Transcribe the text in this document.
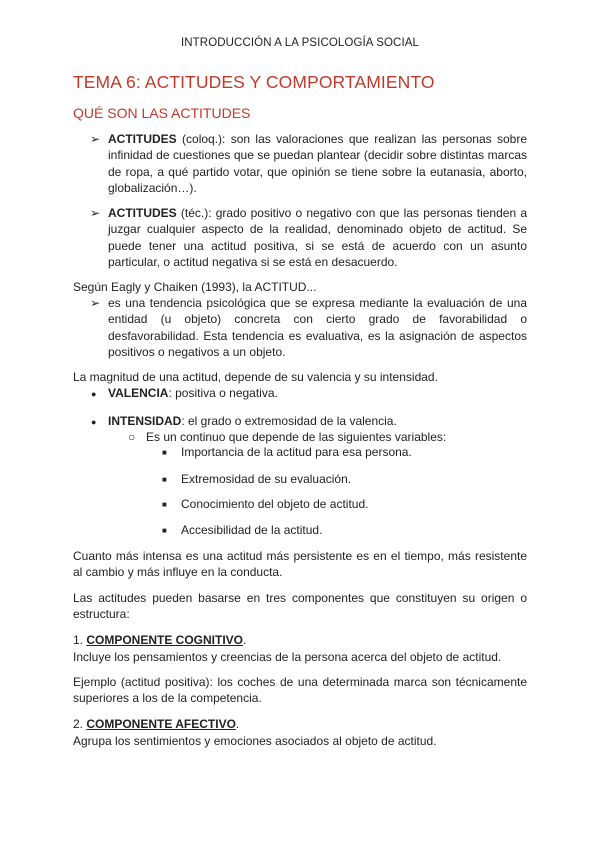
INTRODUCCIÓN A LA PSICOLOGÍA SOCIAL
TEMA 6: ACTITUDES Y COMPORTAMIENTO
QUÉ SON LAS ACTITUDES
➢ ACTITUDES (coloq.): son las valoraciones que realizan las personas sobre infinidad de cuestiones que se puedan plantear (decidir sobre distintas marcas de ropa, a qué partido votar, que opinión se tiene sobre la eutanasia, aborto, globalización…).
➢ ACTITUDES (téc.): grado positivo o negativo con que las personas tienden a juzgar cualquier aspecto de la realidad, denominado objeto de actitud. Se puede tener una actitud positiva, si se está de acuerdo con un asunto particular, o actitud negativa si se está en desacuerdo.
Según Eagly y Chaiken (1993), la ACTITUD...
➢ es una tendencia psicológica que se expresa mediante la evaluación de una entidad (u objeto) concreta con cierto grado de favorabilidad o desfavorabilidad. Esta tendencia es evaluativa, es la asignación de aspectos positivos o negativos a un objeto.
La magnitud de una actitud, depende de su valencia y su intensidad.
● VALENCIA: positiva o negativa.
● INTENSIDAD: el grado o extremosidad de la valencia.
○ Es un continuo que depende de las siguientes variables:
■ Importancia de la actitud para esa persona.
■ Extremosidad de su evaluación.
■ Conocimiento del objeto de actitud.
■ Accesibilidad de la actitud.
Cuanto más intensa es una actitud más persistente es en el tiempo, más resistente al cambio y más influye en la conducta.
Las actitudes pueden basarse en tres componentes que constituyen su origen o estructura:
1. COMPONENTE COGNITIVO.
Incluye los pensamientos y creencias de la persona acerca del objeto de actitud.
Ejemplo (actitud positiva): los coches de una determinada marca son técnicamente superiores a los de la competencia.
2. COMPONENTE AFECTIVO.
Agrupa los sentimientos y emociones asociados al objeto de actitud.
